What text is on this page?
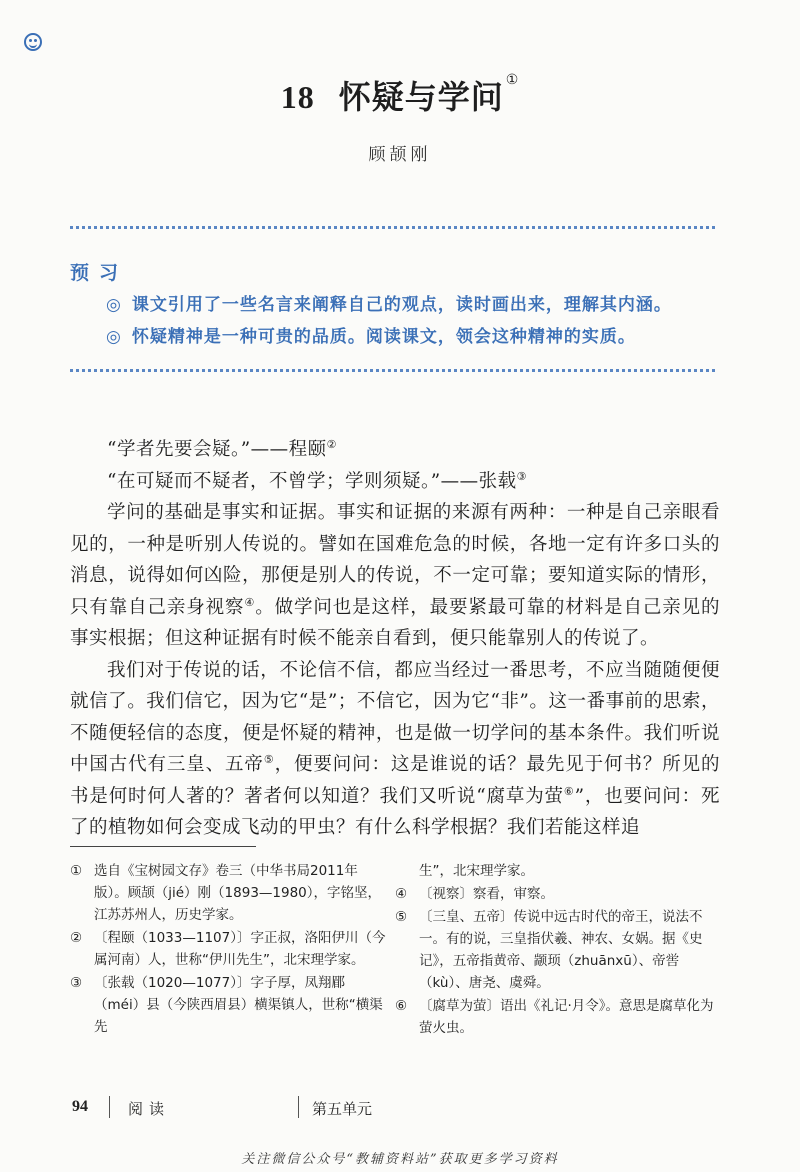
18 怀疑与学问 ①
顾颉刚
预习
◎ 课文引用了一些名言来阐释自己的观点，读时画出来，理解其内涵。
◎ 怀疑精神是一种可贵的品质。阅读课文，领会这种精神的实质。

“学者先要会疑。”——程颐②

“在可疑而不疑者，不曾学；学则须疑。”——张载③

学问的基础是事实和证据。事实和证据的来源有两种：一种是自己亲眼看见的，一种是听别人传说的。譬如在国难危急的时候，各地一定有许多口头的消息，说得如何凶险，那便是别人的传说，不一定可靠；要知道实际的情形，只有靠自己亲身视察④。做学问也是这样，最要紧最可靠的材料是自己亲见的事实根据；但这种证据有时候不能亲自看到，便只能靠别人的传说了。

我们对于传说的话，不论信不信，都应当经过一番思考，不应当随随便便就信了。我们信它，因为它“是”；不信它，因为它“非”。这一番事前的思索，不随便轻信的态度，便是怀疑的精神，也是做一切学问的基本条件。我们听说中国古代有三皇、五帝⑤，便要问问：这是谁说的话？最先见于何书？所见的书是何时何人著的？著者何以知道？我们又听说“腐草为萤⑥”，也要问问：死了的植物如何会变成飞动的甲虫？有什么科学根据？我们若能这样追

① 选自《宝树园文存》卷三（中华书局2011年版）。顾颉（jié）刚（1893—1980），字铭坚，江苏苏州人，历史学家。

② 〔程颐（1033—1107）〕字正叔，洛阳伊川（今属河南）人，世称“伊川先生”，北宋理学家。

③ 〔张载（1020—1077）〕字子厚，凤翔郿（méi）县（今陕西眉县）横渠镇人，世称“横渠先

生”，北宋理学家。

④ 〔视察〕察看，审察。

⑤ 〔三皇、五帝〕传说中远古时代的帝王，说法不一。有的说，三皇指伏羲、神农、女娲。据《史记》，五帝指黄帝、颛顼（zhuānxū）、帝喾（kù）、唐尧、虞舜。

⑥ 〔腐草为萤〕语出《礼记·月令》。意思是腐草化为萤火虫。

94	阅读	第五单元
关注微信公众号“教辅资料站”获取更多学习资料
